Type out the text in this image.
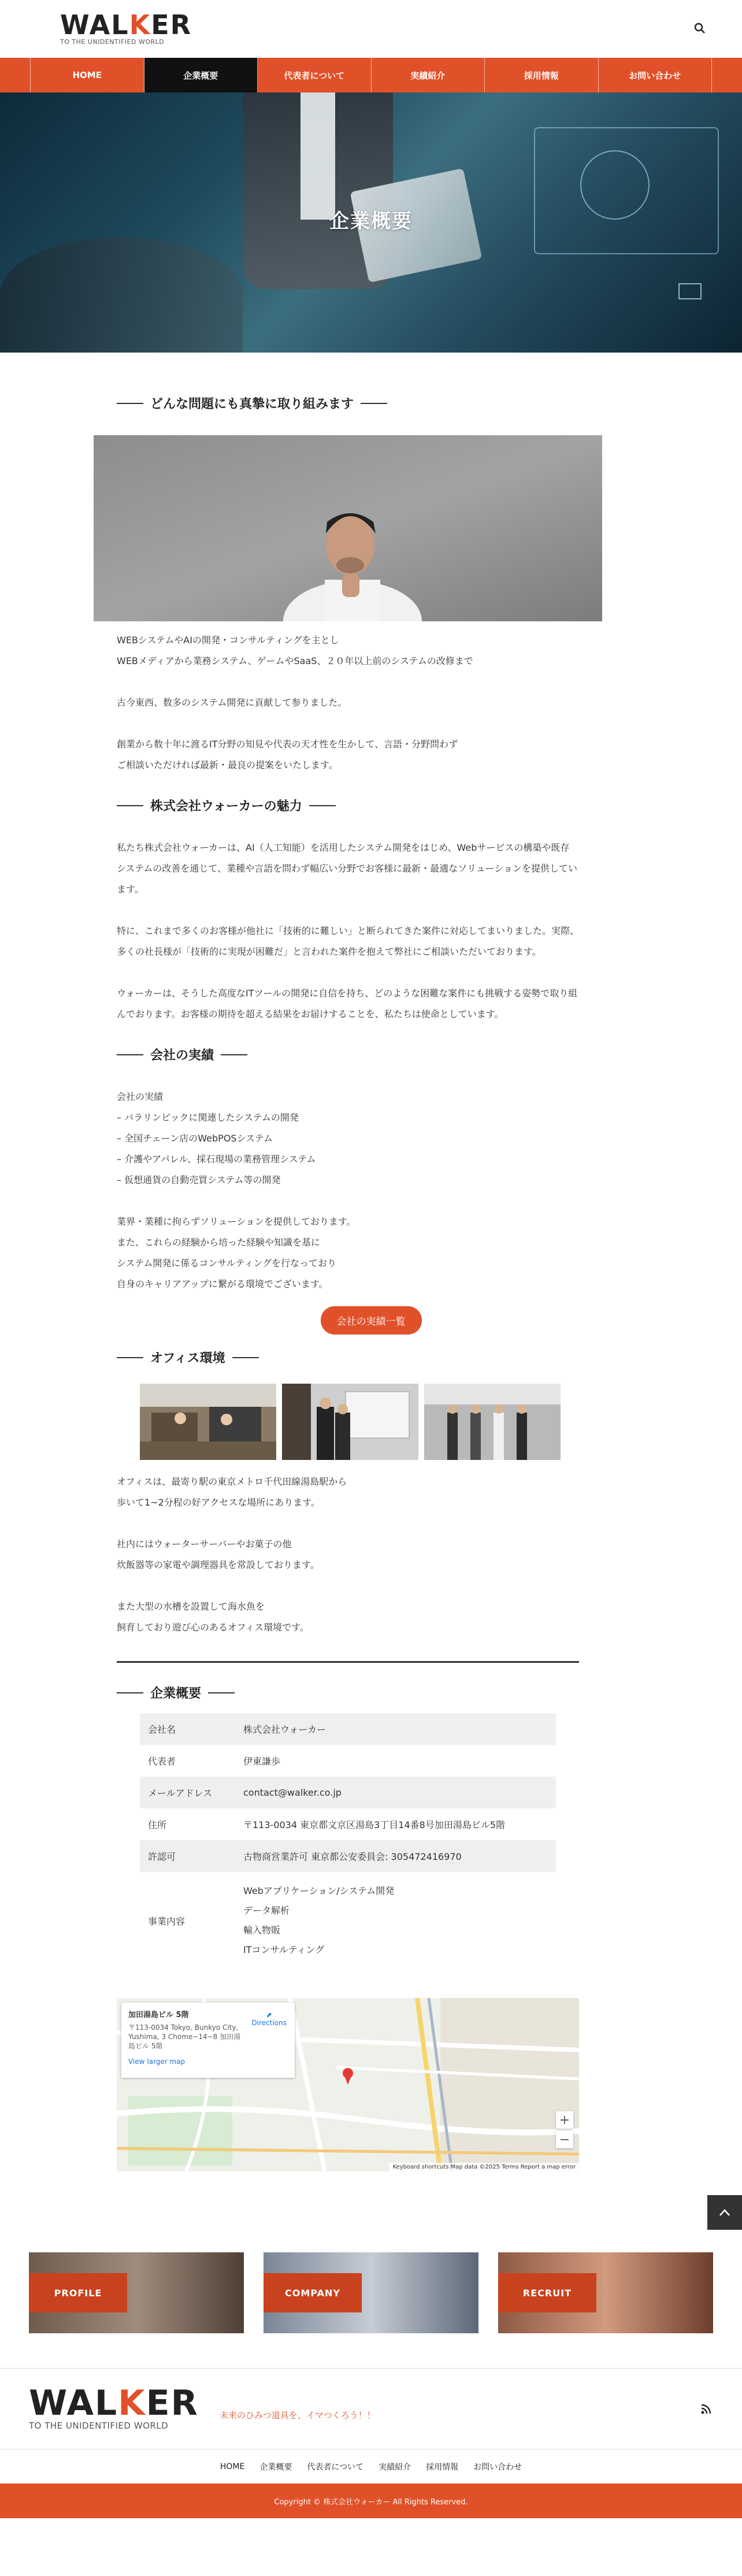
WALKER
TO THE UNIDENTIFIED WORLD
HOME	企業概要	代表者について	実績紹介	採用情報	お問い合わせ
企業概要
どんな問題にも真摯に取り組みます

WEBシステムやAIの開発・コンサルティングを主とし
WEBメディアから業務システム、ゲームやSaaS、２０年以上前のシステムの改修まで

古今東西、数多のシステム開発に貢献して参りました。

創業から数十年に渡るIT分野の知見や代表の天才性を生かして、言語・分野問わず
ご相談いただければ最新・最良の提案をいたします。

株式会社ウォーカーの魅力

私たち株式会社ウォーカーは、AI（人工知能）を活用したシステム開発をはじめ、Webサービスの構築や既存
システムの改善を通じて、業種や言語を問わず幅広い分野でお客様に最新・最適なソリューションを提供してい
ます。

特に、これまで多くのお客様が他社に「技術的に難しい」と断られてきた案件に対応してまいりました。実際、
多くの社長様が「技術的に実現が困難だ」と言われた案件を抱えて弊社にご相談いただいております。

ウォーカーは、そうした高度なITツールの開発に自信を持ち、どのような困難な案件にも挑戦する姿勢で取り組
んでおります。お客様の期待を超える結果をお届けすることを、私たちは使命としています。

会社の実績

会社の実績
– パラリンピックに関連したシステムの開発
– 全国チェーン店のWebPOSシステム
– 介護やアパレル、採石現場の業務管理システム
– 仮想通貨の自動売買システム等の開発

業界・業種に拘らずソリューションを提供しております。
また、これらの経験から培った経験や知識を基に
システム開発に係るコンサルティングを行なっており
自身のキャリアアップに繋がる環境でございます。

会社の実績一覧
オフィス環境

オフィスは、最寄り駅の東京メトロ千代田線湯島駅から
歩いて1~2分程の好アクセスな場所にあります。

社内にはウォーターサーバーやお菓子の他
炊飯器等の家電や調理器具を常設しております。

また大型の水槽を設置して海水魚を
飼育しており遊び心のあるオフィス環境です。

企業概要
会社名	株式会社ウォーカー
代表者	伊東謙歩
メールアドレス	contact@walker.co.jp
住所	〒113-0034 東京都文京区湯島3丁目14番8号加田湯島ビル5階
許認可	古物商営業許可 東京都公安委員会: 305472416970
事業内容	Webアプリケーション/システム開発
データ解析
輸入物販
ITコンサルティング
加田湯島ビル 5階
〒113-0034 Tokyo, Bunkyo City, Yushima, 3 Chome−14−8 加田湯島ビル 5階
View larger map
⬈
Directions
+
−
Keyboard shortcuts Map data ©2025 Terms Report a map error
PROFILE	COMPANY	RECRUIT
WALKER
TO THE UNIDENTIFIED WORLD
未来のひみつ道具を、イマつくろう！！
HOME 企業概要 代表者について 実績紹介 採用情報 お問い合わせ
Copyright © 株式会社ウォーカー All Rights Reserved.
